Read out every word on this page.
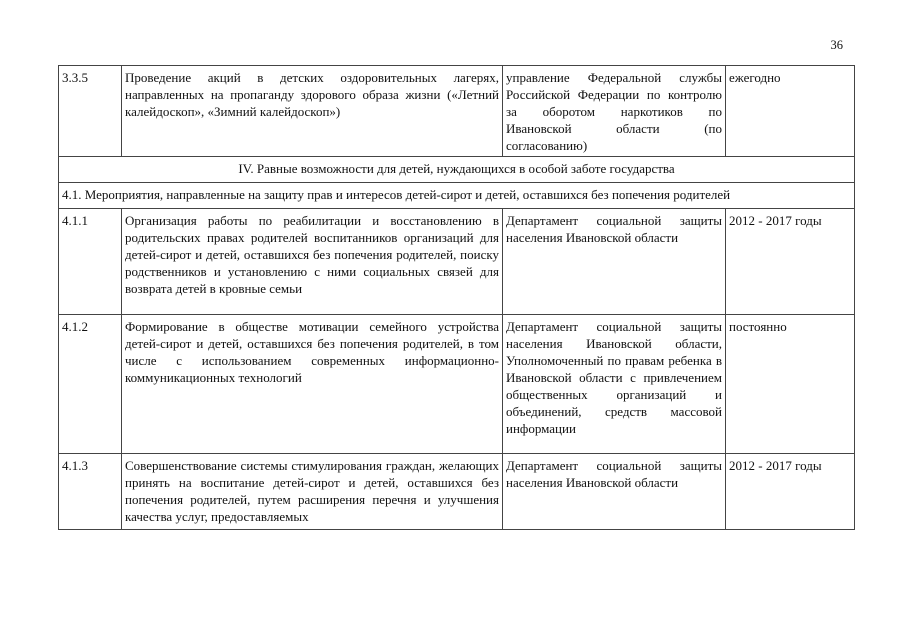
36
3.3.5	Проведение акций в детских оздоровительных лагерях, направленных на пропаганду здорового образа жизни («Летний калейдоскоп», «Зимний калейдоскоп»)	управление Федеральной службы Российской Федерации по контролю за оборотом наркотиков по Ивановской области (по согласованию)	ежегодно
IV. Равные возможности для детей, нуждающихся в особой заботе государства			
4.1. Мероприятия, направленные на защиту прав и интересов детей-сирот и детей, оставшихся без попечения родителей			
4.1.1	Организация работы по реабилитации и восстановлению в родительских правах родителей воспитанников организаций для детей-сирот и детей, оставшихся без попечения родителей, поиску родственников и установлению с ними социальных связей для возврата детей в кровные семьи	Департамент социальной защиты населения Ивановской области	2012 - 2017 годы
4.1.2	Формирование в обществе мотивации семейного устройства детей-сирот и детей, оставшихся без попечения родителей, в том числе с использованием современных информационно-коммуникационных технологий	Департамент социальной защиты населения Ивановской области, Уполномоченный по правам ребенка в Ивановской области с привлечением общественных организаций и объединений, средств массовой информации	постоянно
4.1.3	Совершенствование системы стимулирования граждан, желающих принять на воспитание детей-сирот и детей, оставшихся без попечения родителей, путем расширения перечня и улучшения качества услуг, предоставляемых	Департамент социальной защиты населения Ивановской области	2012 - 2017 годы
